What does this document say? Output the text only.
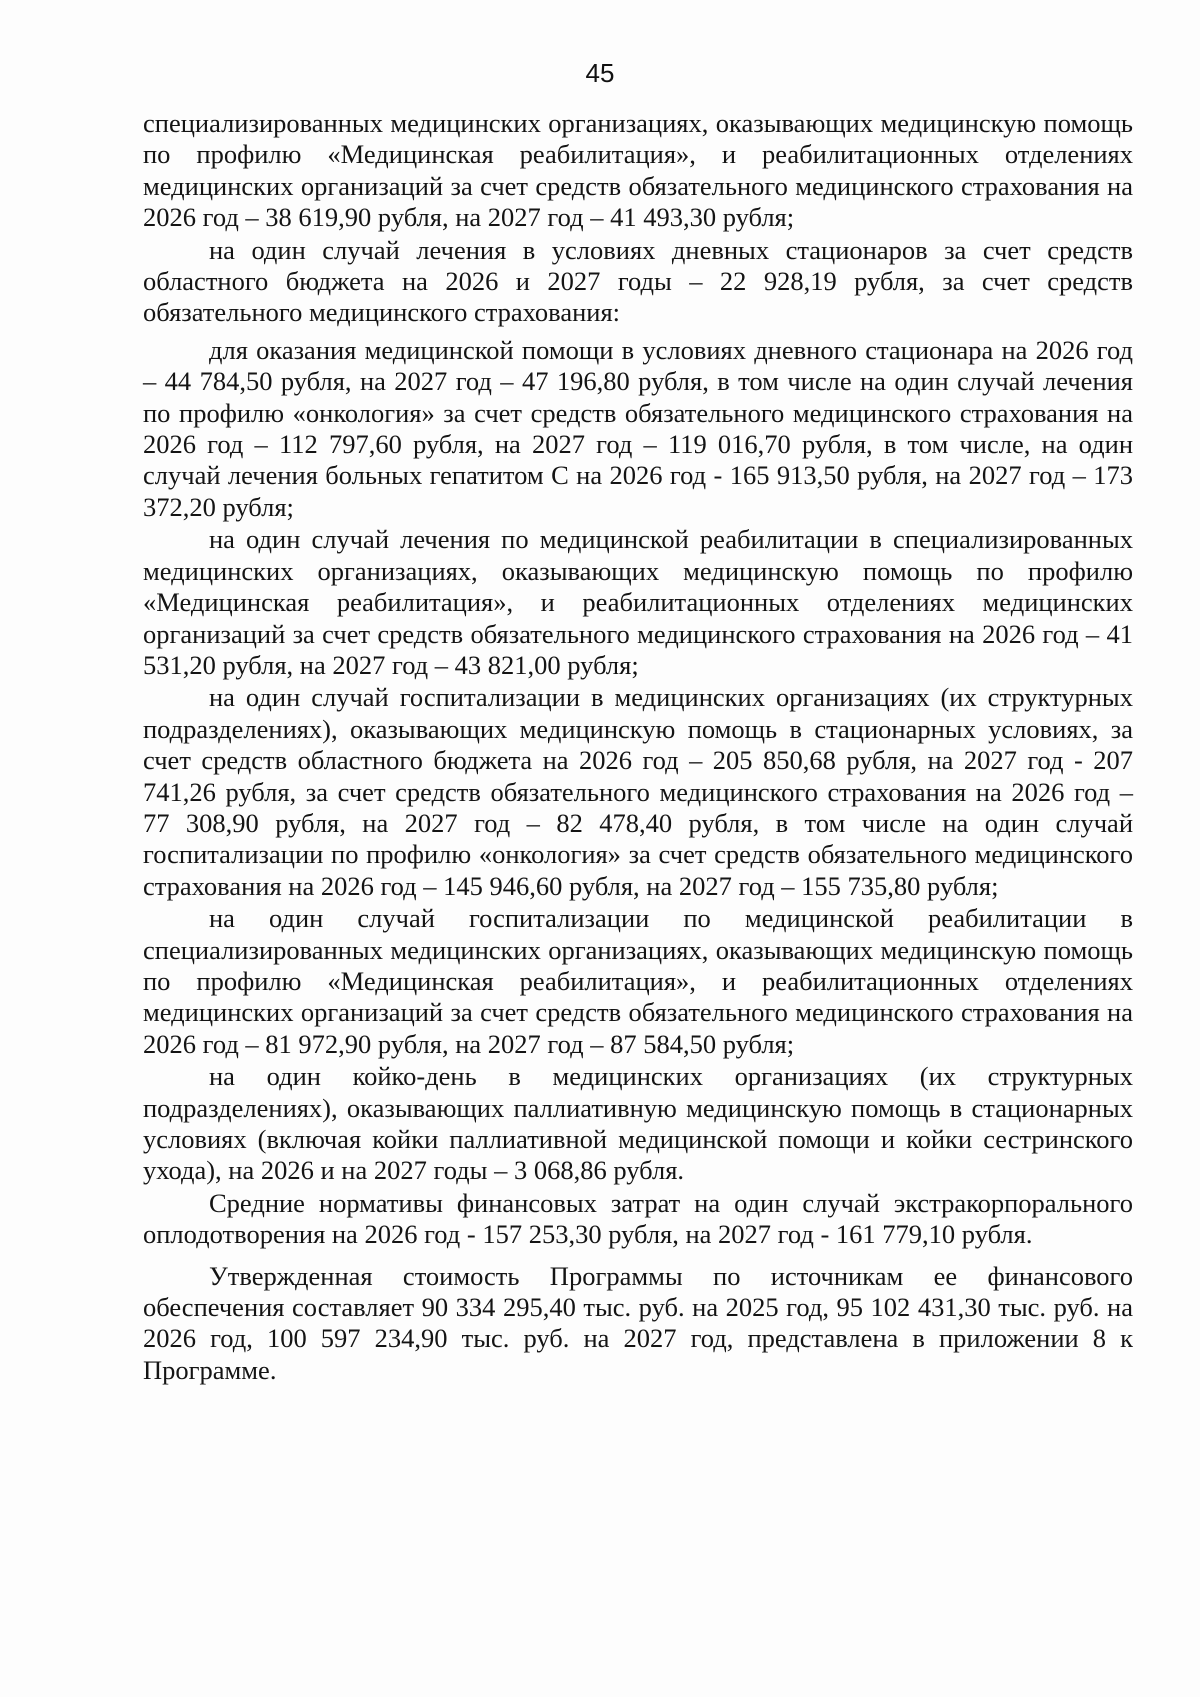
45

специализированных медицинских организациях, оказывающих медицинскую помощь по профилю «Медицинская реабилитация», и реабилитационных отделениях медицинских организаций за счет средств обязательного медицинского страхования на 2026 год – 38 619,90 рубля, на 2027 год – 41 493,30 рубля;

на один случай лечения в условиях дневных стационаров за счет средств областного бюджета на 2026 и 2027 годы – 22 928,19 рубля, за счет средств обязательного медицинского страхования:

для оказания медицинской помощи в условиях дневного стационара на 2026 год – 44 784,50 рубля, на 2027 год – 47 196,80 рубля, в том числе на один случай лечения по профилю «онкология» за счет средств обязательного медицинского страхования на 2026 год – 112 797,60 рубля, на 2027 год – 119 016,70 рубля, в том числе, на один случай лечения больных гепатитом С на 2026 год - 165 913,50 рубля, на 2027 год – 173 372,20 рубля;

на один случай лечения по медицинской реабилитации в специализированных медицинских организациях, оказывающих медицинскую помощь по профилю «Медицинская реабилитация», и реабилитационных отделениях медицинских организаций за счет средств обязательного медицинского страхования на 2026 год – 41 531,20 рубля, на 2027 год – 43 821,00 рубля;

на один случай госпитализации в медицинских организациях (их структурных подразделениях), оказывающих медицинскую помощь в стационарных условиях, за счет средств областного бюджета на 2026 год – 205 850,68 рубля, на 2027 год - 207 741,26 рубля, за счет средств обязательного медицинского страхования на 2026 год – 77 308,90 рубля, на 2027 год – 82 478,40 рубля, в том числе на один случай госпитализации по профилю «онкология» за счет средств обязательного медицинского страхования на 2026 год – 145 946,60 рубля, на 2027 год – 155 735,80 рубля;

на один случай госпитализации по медицинской реабилитации в специализированных медицинских организациях, оказывающих медицинскую помощь по профилю «Медицинская реабилитация», и реабилитационных отделениях медицинских организаций за счет средств обязательного медицинского страхования на 2026 год – 81 972,90 рубля, на 2027 год – 87 584,50 рубля;

на один койко-день в медицинских организациях (их структурных подразделениях), оказывающих паллиативную медицинскую помощь в стационарных условиях (включая койки паллиативной медицинской помощи и койки сестринского ухода), на 2026 и на 2027 годы – 3 068,86 рубля.

Средние нормативы финансовых затрат на один случай экстракорпорального оплодотворения на 2026 год - 157 253,30 рубля, на 2027 год - 161 779,10 рубля.

Утвержденная стоимость Программы по источникам ее финансового обеспечения составляет 90 334 295,40 тыс. руб. на 2025 год, 95 102 431,30 тыс. руб. на 2026 год, 100 597 234,90 тыс. руб. на 2027 год, представлена в приложении 8 к Программе.
